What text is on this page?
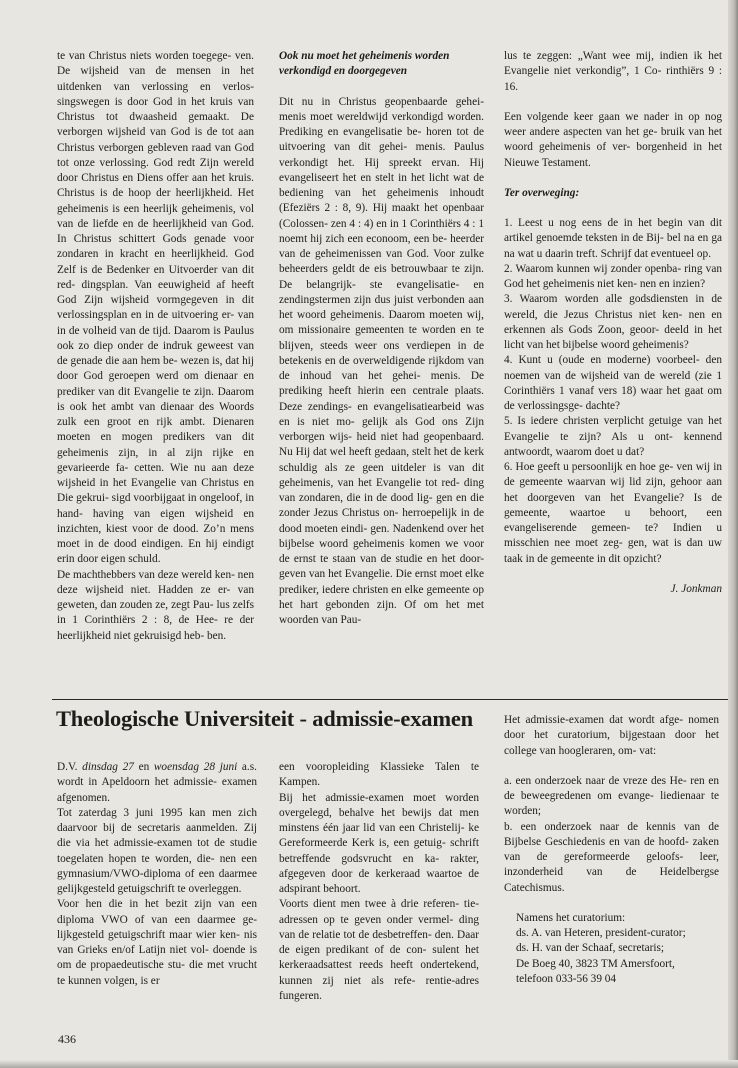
te van Christus niets worden toegege- ven. De wijsheid van de mensen in het uitdenken van verlossing en verlos- singswegen is door God in het kruis van Christus tot dwaasheid gemaakt. De verborgen wijsheid van God is de tot aan Christus verborgen gebleven raad van God tot onze verlossing. God redt Zijn wereld door Christus en Diens offer aan het kruis. Christus is de hoop der heerlijkheid. Het geheimenis is een heerlijk geheimenis, vol van de liefde en de heerlijkheid van God. In Christus schittert Gods genade voor zondaren in kracht en heerlijkheid. God Zelf is de Bedenker en Uitvoerder van dit red- dingsplan. Van eeuwigheid af heeft God Zijn wijsheid vormgegeven in dit verlossingsplan en in de uitvoering er- van in de volheid van de tijd. Daarom is Paulus ook zo diep onder de indruk geweest van de genade die aan hem be- wezen is, dat hij door God geroepen werd om dienaar en prediker van dit Evangelie te zijn. Daarom is ook het ambt van dienaar des Woords zulk een groot en rijk ambt. Dienaren moeten en mogen predikers van dit geheimenis zijn, in al zijn rijke en gevarieerde fa- cetten. Wie nu aan deze wijsheid in het Evangelie van Christus en Die gekrui- sigd voorbijgaat in ongeloof, in hand- having van eigen wijsheid en inzichten, kiest voor de dood. Zo’n mens moet in de dood eindigen. En hij eindigt erin door eigen schuld.

De machthebbers van deze wereld ken- nen deze wijsheid niet. Hadden ze er- van geweten, dan zouden ze, zegt Pau- lus zelfs in 1 Corinthiërs 2 : 8, de Hee- re der heerlijkheid niet gekruisigd heb- ben.

Ook nu moet het geheimenis worden verkondigd en doorgegeven

Dit nu in Christus geopenbaarde gehei- menis moet wereldwijd verkondigd worden. Prediking en evangelisatie be- horen tot de uitvoering van dit gehei- menis. Paulus verkondigt het. Hij spreekt ervan. Hij evangeliseert het en stelt in het licht wat de bediening van het geheimenis inhoudt (Efeziërs 2 : 8, 9). Hij maakt het openbaar (Colossen- zen 4 : 4) en in 1 Corinthiërs 4 : 1 noemt hij zich een econoom, een be- heerder van de geheimenissen van God. Voor zulke beheerders geldt de eis betrouwbaar te zijn. De belangrijk- ste evangelisatie- en zendingstermen zijn dus juist verbonden aan het woord geheimenis. Daarom moeten wij, om missionaire gemeenten te worden en te blijven, steeds weer ons verdiepen in de betekenis en de overweldigende rijkdom van de inhoud van het gehei- menis. De prediking heeft hierin een centrale plaats. Deze zendings- en evangelisatiearbeid was en is niet mo- gelijk als God ons Zijn verborgen wijs- heid niet had geopenbaard. Nu Hij dat wel heeft gedaan, stelt het de kerk schuldig als ze geen uitdeler is van dit geheimenis, van het Evangelie tot red- ding van zondaren, die in de dood lig- gen en die zonder Jezus Christus on- herroepelijk in de dood moeten eindi- gen. Nadenkend over het bijbelse woord geheimenis komen we voor de ernst te staan van de studie en het door- geven van het Evangelie. Die ernst moet elke prediker, iedere christen en elke gemeente op het hart gebonden zijn. Of om het met woorden van Pau-

lus te zeggen: „Want wee mij, indien ik het Evangelie niet verkondig”, 1 Co- rinthiërs 9 : 16.

Een volgende keer gaan we nader in op nog weer andere aspecten van het ge- bruik van het woord geheimenis of ver- borgenheid in het Nieuwe Testament.

Ter overweging:

1. Leest u nog eens de in het begin van dit artikel genoemde teksten in de Bij- bel na en ga na wat u daarin treft. Schrijf dat eventueel op.

2. Waarom kunnen wij zonder openba- ring van God het geheimenis niet ken- nen en inzien?

3. Waarom worden alle godsdiensten in de wereld, die Jezus Christus niet ken- nen en erkennen als Gods Zoon, geoor- deeld in het licht van het bijbelse woord geheimenis?

4. Kunt u (oude en moderne) voorbeel- den noemen van de wijsheid van de wereld (zie 1 Corinthiërs 1 vanaf vers 18) waar het gaat om de verlossingsge- dachte?

5. Is iedere christen verplicht getuige van het Evangelie te zijn? Als u ont- kennend antwoordt, waarom doet u dat?

6. Hoe geeft u persoonlijk en hoe ge- ven wij in de gemeente waarvan wij lid zijn, gehoor aan het doorgeven van het Evangelie? Is de gemeente, waartoe u behoort, een evangeliserende gemeen- te? Indien u misschien nee moet zeg- gen, wat is dan uw taak in de gemeente in dit opzicht?

J. Jonkman

Theologische Universiteit - admissie-examen

D.V. dinsdag 27 en woensdag 28 juni a.s. wordt in Apeldoorn het admissie- examen afgenomen.

Tot zaterdag 3 juni 1995 kan men zich daarvoor bij de secretaris aanmelden. Zij die via het admissie-examen tot de studie toegelaten hopen te worden, die- nen een gymnasium/VWO-diploma of een daarmee gelijkgesteld getuigschrift te overleggen.

Voor hen die in het bezit zijn van een diploma VWO of van een daarmee ge- lijkgesteld getuigschrift maar wier ken- nis van Grieks en/of Latijn niet vol- doende is om de propaedeutische stu- die met vrucht te kunnen volgen, is er

een vooropleiding Klassieke Talen te Kampen.

Bij het admissie-examen moet worden overgelegd, behalve het bewijs dat men minstens één jaar lid van een Christelij- ke Gereformeerde Kerk is, een getuig- schrift betreffende godsvrucht en ka- rakter, afgegeven door de kerkeraad waartoe de adspirant behoort.

Voorts dient men twee à drie referen- tie-adressen op te geven onder vermel- ding van de relatie tot de desbetreffen- den. Daar de eigen predikant of de con- sulent het kerkeraadsattest reeds heeft ondertekend, kunnen zij niet als refe- rentie-adres fungeren.

Het admissie-examen dat wordt afge- nomen door het curatorium, bijgestaan door het college van hoogleraren, om- vat:

a. een onderzoek naar de vreze des He- ren en de beweegredenen om evange- liedienaar te worden;

b. een onderzoek naar de kennis van de Bijbelse Geschiedenis en van de hoofd- zaken van de gereformeerde geloofs- leer, inzonderheid van de Heidelbergse Catechismus.

Namens het curatorium:

ds. A. van Heteren, president-curator;

ds. H. van der Schaaf, secretaris;

De Boeg 40, 3823 TM Amersfoort,

telefoon 033-56 39 04

436
